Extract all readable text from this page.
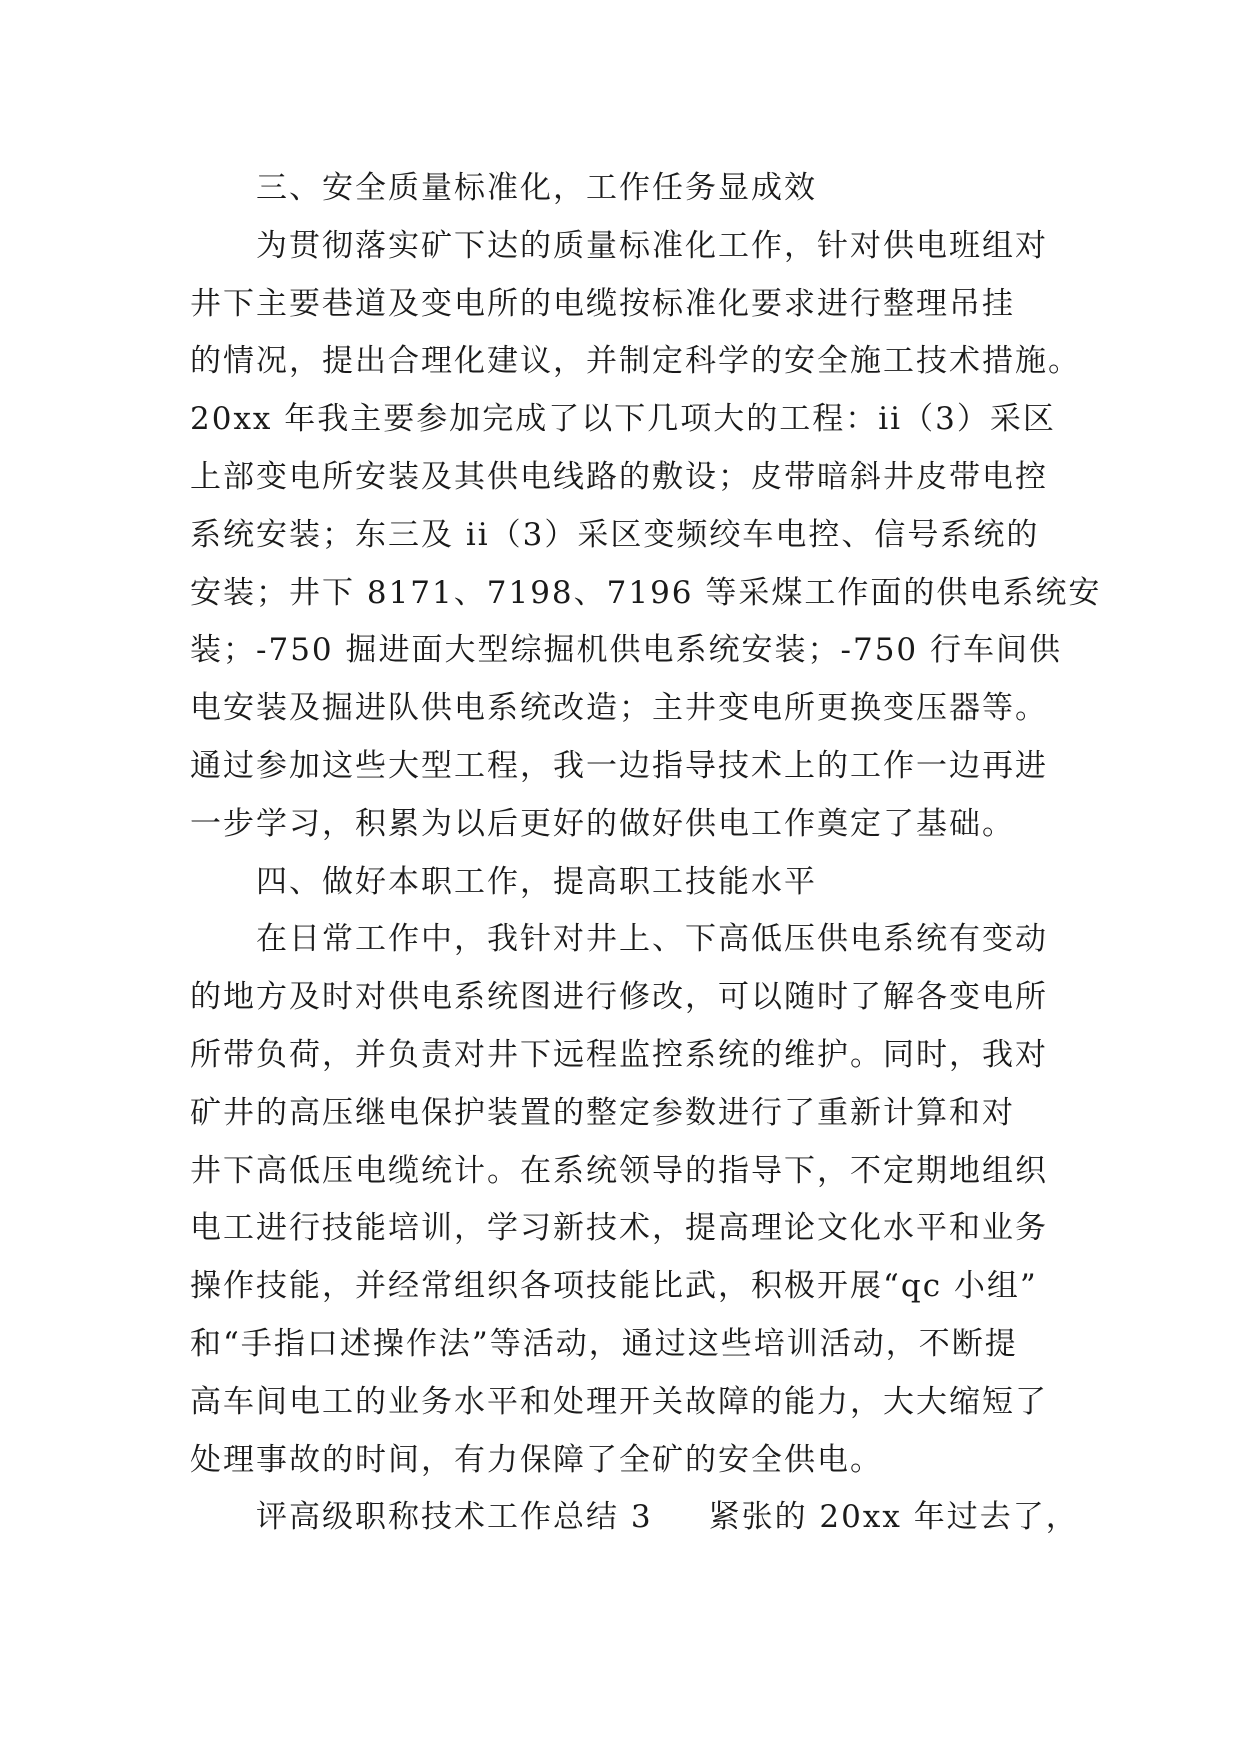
三、安全质量标准化，工作任务显成效
为贯彻落实矿下达的质量标准化工作，针对供电班组对
井下主要巷道及变电所的电缆按标准化要求进行整理吊挂
的情况，提出合理化建议，并制定科学的安全施工技术措施。
20xx 年我主要参加完成了以下几项大的工程：ii（3）采区
上部变电所安装及其供电线路的敷设；皮带暗斜井皮带电控
系统安装；东三及 ii（3）采区变频绞车电控、信号系统的
安装；井下 8171、7198、7196 等采煤工作面的供电系统安
装；-750 掘进面大型综掘机供电系统安装；-750 行车间供
电安装及掘进队供电系统改造；主井变电所更换变压器等。
通过参加这些大型工程，我一边指导技术上的工作一边再进
一步学习，积累为以后更好的做好供电工作奠定了基础。
四、做好本职工作，提高职工技能水平
在日常工作中，我针对井上、下高低压供电系统有变动
的地方及时对供电系统图进行修改，可以随时了解各变电所
所带负荷，并负责对井下远程监控系统的维护。同时，我对
矿井的高压继电保护装置的整定参数进行了重新计算和对
井下高低压电缆统计。在系统领导的指导下，不定期地组织
电工进行技能培训，学习新技术，提高理论文化水平和业务
操作技能，并经常组织各项技能比武，积极开展“qc 小组”
和“手指口述操作法”等活动，通过这些培训活动，不断提
高车间电工的业务水平和处理开关故障的能力，大大缩短了
处理事故的时间，有力保障了全矿的安全供电。
评高级职称技术工作总结 3 紧张的 20xx 年过去了，
